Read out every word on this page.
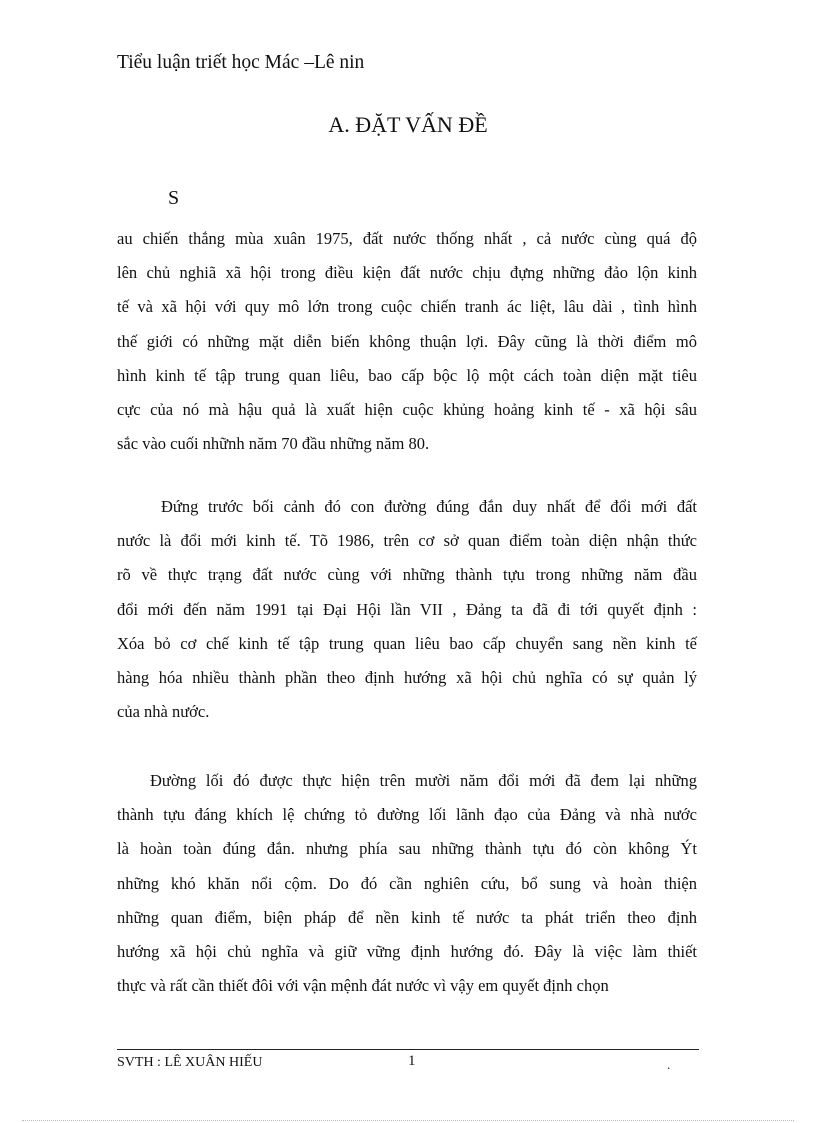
Tiểu luận triết học Mác –Lê nin
A. ĐẶT VẤN ĐỀ
S
au chiến thắng mùa xuân 1975, đất nước thống nhất , cả nước cùng quá độ
lên chủ nghiã xã hội trong điều kiện đất nước chịu đựng những đảo lộn kinh
tế và xã hội với quy mô lớn trong cuộc chiến tranh ác liệt, lâu dài , tình hình
thế giới có những mặt diễn biến không thuận lợi. Đây cũng là thời điểm mô
hình kinh tế tập trung quan liêu, bao cấp bộc lộ một cách toàn diện mặt tiêu
cực của nó mà hậu quả là xuất hiện cuộc khủng hoảng kinh tế - xã hội sâu
sắc vào cuối nhữnh năm 70 đầu những năm 80.
Đứng trước bối cảnh đó con đường đúng đắn duy nhất để đổi mới đất
nước là đổi mới kinh tế. Tõ 1986, trên cơ sở quan điểm toàn diện nhận thức
rõ về thực trạng đất nước cùng với những thành tựu trong những năm đầu
đổi mới đến năm 1991 tại Đại Hội lần VII , Đảng ta đã đi tới quyết định :
Xóa bỏ cơ chế kinh tế tập trung quan liêu bao cấp chuyển sang nền kinh tế
hàng hóa nhiều thành phần theo định hướng xã hội chủ nghĩa có sự quản lý
của nhà nước.
Đường lối đó được thực hiện trên mười năm đổi mới đã đem lại những
thành tựu đáng khích lệ chứng tỏ đường lối lãnh đạo của Đảng và nhà nước
là hoàn toàn đúng đắn. nhưng phía sau những thành tựu đó còn không Ýt
những khó khăn nổi cộm. Do đó cần nghiên cứu, bổ sung và hoàn thiện
những quan điểm, biện pháp để nền kinh tế nước ta phát triển theo định
hướng xã hội chủ nghĩa và giữ vững định hướng đó. Đây là việc làm thiết
thực và rất cần thiết đôi với vận mệnh đát nước vì vậy em quyết định chọn
SVTH : LÊ XUÂN HIẾU	1	.
